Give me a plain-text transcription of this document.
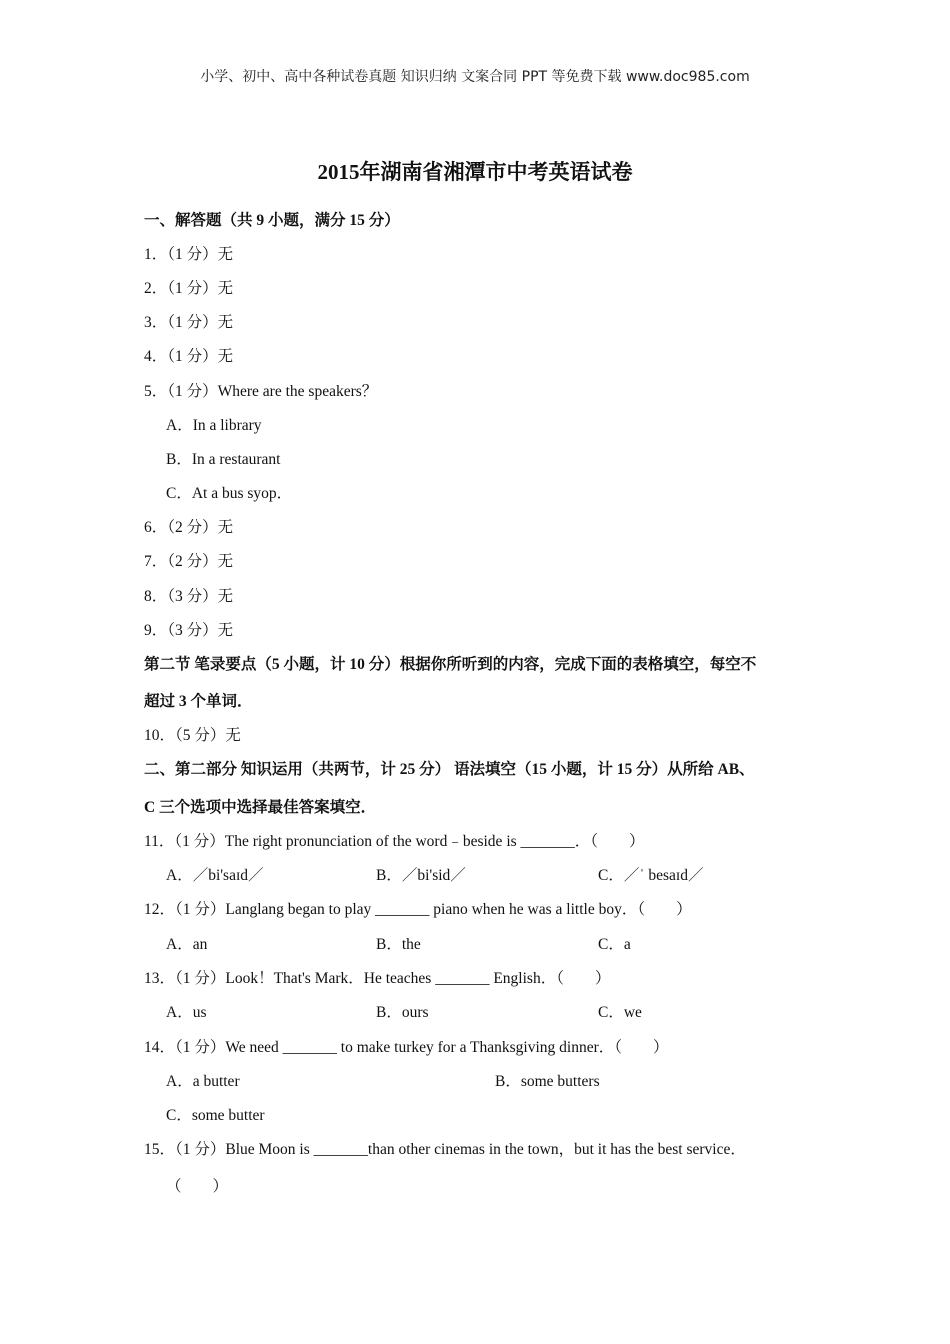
小学、初中、高中各种试卷真题 知识归纳 文案合同 PPT 等免费下载 www.doc985.com
2015年湖南省湘潭市中考英语试卷
一、解答题（共 9 小题，满分 15 分）
1．（1 分）无
2．（1 分）无
3．（1 分）无
4．（1 分）无
5．（1 分）Where are the speakers？
A．In a library
B．In a restaurant
C．At a bus syop．
6．（2 分）无
7．（2 分）无
8．（3 分）无
9．（3 分）无
第二节 笔录要点（5 小题，计 10 分）根据你所听到的内容，完成下面的表格填空，每空不
超过 3 个单词．
10．（5 分）无
二、第二部分 知识运用（共两节，计 25 分） 语法填空（15 小题，计 15 分）从所给 AB、
C 三个选项中选择最佳答案填空．
11．（1 分）The right pronunciation of the word﹣beside is _______．（　　）
A．／bi'saɪd／	B．／bi'sid／	C．／ˈ besaɪd／
12．（1 分）Langlang began to play _______ piano when he was a little boy．（　　）
A．an	B．the	C．a
13．（1 分）Look！That's Mark．He teaches _______ English．（　　）
A．us	B．ours	C．we
14．（1 分）We need _______ to make turkey for a Thanksgiving dinner．（　　）
A．a butter	B．some butters
C．some butter
15．（1 分）Blue Moon is _______than other cinemas in the town，but it has the best service．
（　　）
